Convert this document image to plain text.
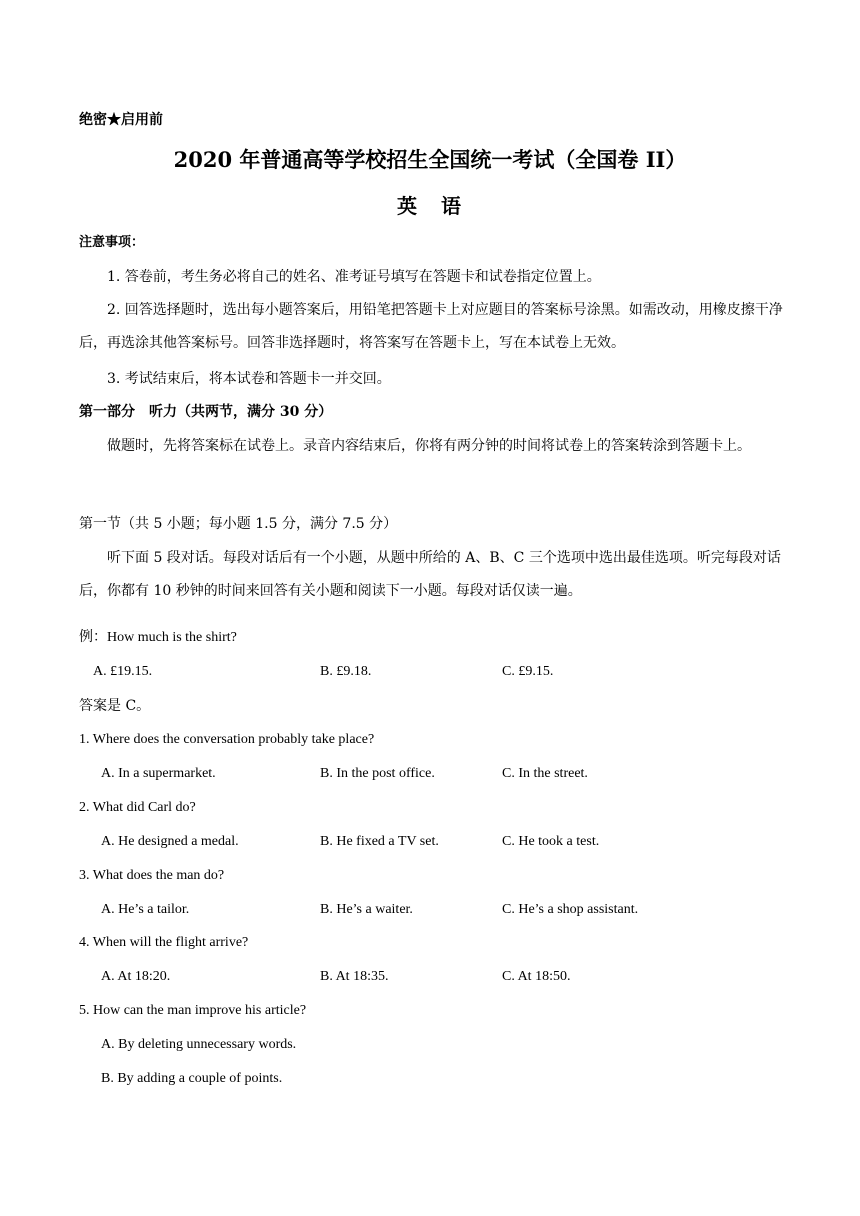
绝密★启用前
2020 年普通高等学校招生全国统一考试（全国卷 II）
英　语
注意事项：
1. 答卷前，考生务必将自己的姓名、准考证号填写在答题卡和试卷指定位置上。
2. 回答选择题时，选出每小题答案后，用铅笔把答题卡上对应题目的答案标号涂黑。如需改动，用橡皮擦干净后，再选涂其他答案标号。回答非选择题时，将答案写在答题卡上，写在本试卷上无效。
3. 考试结束后，将本试卷和答题卡一并交回。
第一部分　听力（共两节，满分 30 分）
做题时，先将答案标在试卷上。录音内容结束后，你将有两分钟的时间将试卷上的答案转涂到答题卡上。
第一节（共 5 小题；每小题 1.5 分，满分 7.5 分）
听下面 5 段对话。每段对话后有一个小题，从题中所给的 A、B、C 三个选项中选出最佳选项。听完每段对话后，你都有 10 秒钟的时间来回答有关小题和阅读下一小题。每段对话仅读一遍。
例：How much is the shirt?
A. £19.15.	B. £9.18.	C. £9.15.
答案是 C。
1. Where does the conversation probably take place?
A. In a supermarket.	B. In the post office.	C. In the street.
2. What did Carl do?
A. He designed a medal.	B. He fixed a TV set.	C. He took a test.
3. What does the man do?
A. He’s a tailor.	B. He’s a waiter.	C. He’s a shop assistant.
4. When will the flight arrive?
A. At 18:20.	B. At 18:35.	C. At 18:50.
5. How can the man improve his article?
A. By deleting unnecessary words.
B. By adding a couple of points.
